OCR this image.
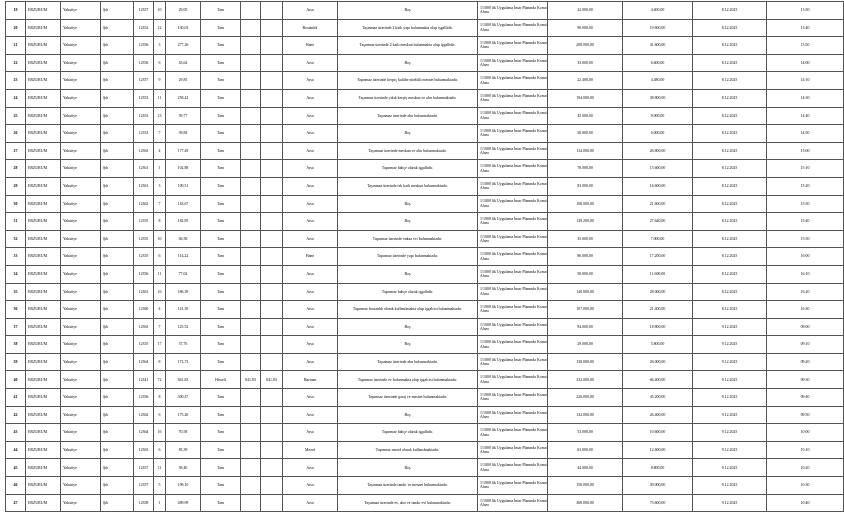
19	ERZURUM	Yakutiye	Şıh	12357	10	29,05	Tam			Arsa	Boş	1/1000 lik Uygulama İmar Planında Konut Alanı	22.000,00	4.400,00	8.12.2025	13:50
20	ERZURUM	Yakutiye	Şıh	12352	12	130,03	Tam			Bostanlık	Taşınmaz üzerinde 2 katlı yapı bulunmakta olup işgallidir.	1/1000 lik Uygulama İmar Planında Konut Alanı	98.000,00	19.600,00	8.12.2025	13:40
21	ERZURUM	Yakutiye	Şıh	12356	3	277,26	Tam			Hane	Taşınmaz üzerinde 2 katlı meskun bulunmakta olup işgallidir.	1/1000 lik Uygulama İmar Planında Konut Alanı	208.000,00	41.600,00	8.12.2025	13:50
22	ERZURUM	Yakutiye	Şıh	12356	6	43,64	Tam			Arsa	Boş	1/1000 lik Uygulama İmar Planında Konut Alanı	33.000,00	6.600,00	8.12.2025	14:00
23	ERZURUM	Yakutiye	Şıh	12357	9	29,85	Tam			Arsa	Taşınmaz üzerinde kerpiç kulübe nitelikli mesnet bulunmaktadır.	1/1000 lik Uygulama İmar Planında Konut Alanı	22.400,00	4.480,00	8.12.2025	14:10
24	ERZURUM	Yakutiye	Şıh	12353	11	258,42	Tam			Arsa	Taşınmaz üzerinde yıkık kerpiç meskun ve ahır bulunmaktadır.	1/1000 lik Uygulama İmar Planında Konut Alanı	194.000,00	38.800,00	8.12.2025	14:30
25	ERZURUM	Yakutiye	Şıh	12353	13	59,77	Tam			Arsa	Taşınmaz üzerinde ahır bulunmaktadır.	1/1000 lik Uygulama İmar Planında Konut Alanı	45.000,00	9.000,00	8.12.2025	14:40
26	ERZURUM	Yakutiye	Şıh	12353	7	39,84	Tam			Arsa	Boş	1/1000 lik Uygulama İmar Planında Konut Alanı	30.000,00	6.000,00	8.12.2025	14:50
27	ERZURUM	Yakutiye	Şıh	12363	4	177,49	Tam			Arsa	Taşınmaz üzerinde meskun ve ahır bulunmaktadır.	1/1000 lik Uygulama İmar Planında Konut Alanı	134.000,00	26.800,00	8.12.2025	15:00
28	ERZURUM	Yakutiye	Şıh	12361	1	102,88	Tam			Arsa	Taşınmaz bahçe olarak işgallidir.	1/1000 lik Uygulama İmar Planında Konut Alanı	78.000,00	15.600,00	8.12.2025	15:10
29	ERZURUM	Yakutiye	Şıh	12361	3	109,51	Tam			Arsa	Taşınmaz üzerinde tek katlı meskun bulunmaktadır.	1/1000 lik Uygulama İmar Planında Konut Alanı	83.000,00	16.600,00	8.12.2025	15:20
30	ERZURUM	Yakutiye	Şıh	12362	7	143,67	Tam			Arsa	Boş	1/1000 lik Uygulama İmar Planında Konut Alanı	108.000,00	21.600,00	8.12.2025	15:30
31	ERZURUM	Yakutiye	Şıh	12355	8	182,85	Tam			Arsa	Boş	1/1000 lik Uygulama İmar Planında Konut Alanı	138.200,00	27.640,00	8.12.2025	15:40
32	ERZURUM	Yakutiye	Şıh	12355	10	46,58	Tam			Arsa	Taşınmaz üzerinde enkaz evi bulunmaktadır.	1/1000 lik Uygulama İmar Planında Konut Alanı	35.000,00	7.000,00	8.12.2025	15:50
33	ERZURUM	Yakutiye	Şıh	12355	6	114,22	Tam			Hane	Taşınmaz üzerinde yapı bulunmaktadır.	1/1000 lik Uygulama İmar Planında Konut Alanı	86.000,00	17.200,00	8.12.2025	16:00
34	ERZURUM	Yakutiye	Şıh	12356	11	77,02	Tam			Arsa	Boş	1/1000 lik Uygulama İmar Planında Konut Alanı	58.000,00	11.600,00	8.12.2025	16:10
35	ERZURUM	Yakutiye	Şıh	12361	16	186,39	Tam			Arsa	Taşınmaz bahçe olarak işgallidir.	1/1000 lik Uygulama İmar Planında Konut Alanı	140.000,00	28.000,00	8.12.2025	16:20
36	ERZURUM	Yakutiye	Şıh	12360	4	141,39	Tam			Arsa	Taşınmaz bostanlık olarak kullanılmakta olup işgalcisi bulunmaktadır.	1/1000 lik Uygulama İmar Planında Konut Alanı	107.000,00	21.400,00	8.12.2025	16:30
37	ERZURUM	Yakutiye	Şıh	12363	7	125,52	Tam			Arsa	Boş	1/1000 lik Uygulama İmar Planında Konut Alanı	94.000,00	18.800,00	9.12.2025	09:00
38	ERZURUM	Yakutiye	Şıh	12355	17	37,76	Tam			Arsa	Boş	1/1000 lik Uygulama İmar Planında Konut Alanı	29.000,00	5.800,00	9.12.2025	09:10
39	ERZURUM	Yakutiye	Şıh	12364	8	172,72	Tam			Arsa	Taşınmaz üzerinde ahır bulunmaktadır.	1/1000 lik Uygulama İmar Planında Konut Alanı	130.000,00	26.000,00	9.12.2025	09:20
40	ERZURUM	Yakutiye	Şıh	12341	72	841,83	Hisseli	841,83	841,83	Harman	Taşınmaz üzerinde ev bulunmakta olup işgalcisi bulunmaktadır.	1/1000 lik Uygulama İmar Planında Konut Alanı	332.000,00	66.400,00	9.12.2025	09:30
41	ERZURUM	Yakutiye	Şıh	12356	8	300,47	Tam			Arsa	Taşınmaz üzerinde garaj ve mesnet bulunmaktadır.	1/1000 lik Uygulama İmar Planında Konut Alanı	226.000,00	45.200,00	9.12.2025	09:40
42	ERZURUM	Yakutiye	Şıh	12362	6	175,26	Tam			Arsa	Boş	1/1000 lik Uygulama İmar Planında Konut Alanı	132.000,00	26.400,00	9.12.2025	09:50
43	ERZURUM	Yakutiye	Şıh	12364	16	70,58	Tam			Arsa	Taşınmaz bahçe olarak işgallidir.	1/1000 lik Uygulama İmar Planında Konut Alanı	53.000,00	10.600,00	9.12.2025	10:00
44	ERZURUM	Yakutiye	Şıh	12363	6	83,39	Tam			Mezrâ	Taşınmaz mezrâ olarak kullanılmaktadır.	1/1000 lik Uygulama İmar Planında Konut Alanı	63.000,00	12.600,00	9.12.2025	10:10
45	ERZURUM	Yakutiye	Şıh	12357	11	58,40	Tam			Arsa	Boş	1/1000 lik Uygulama İmar Planında Konut Alanı	44.000,00	8.800,00	9.12.2025	10:20
46	ERZURUM	Yakutiye	Şıh	12357	5	199,10	Tam			Arsa	Taşınmaz üzerinde tandır ve mesnet bulunmaktadır.	1/1000 lik Uygulama İmar Planında Konut Alanı	150.000,00	30.000,00	9.12.2025	10:30
47	ERZURUM	Yakutiye	Şıh	12358	1	489,99	Tam			Arsa	Taşınmaz üzerinde ev, ahır ve tandır evi bulunmaktadır.	1/1000 lik Uygulama İmar Planında Konut Alanı	368.000,00	73.600,00	9.12.2025	10:40
